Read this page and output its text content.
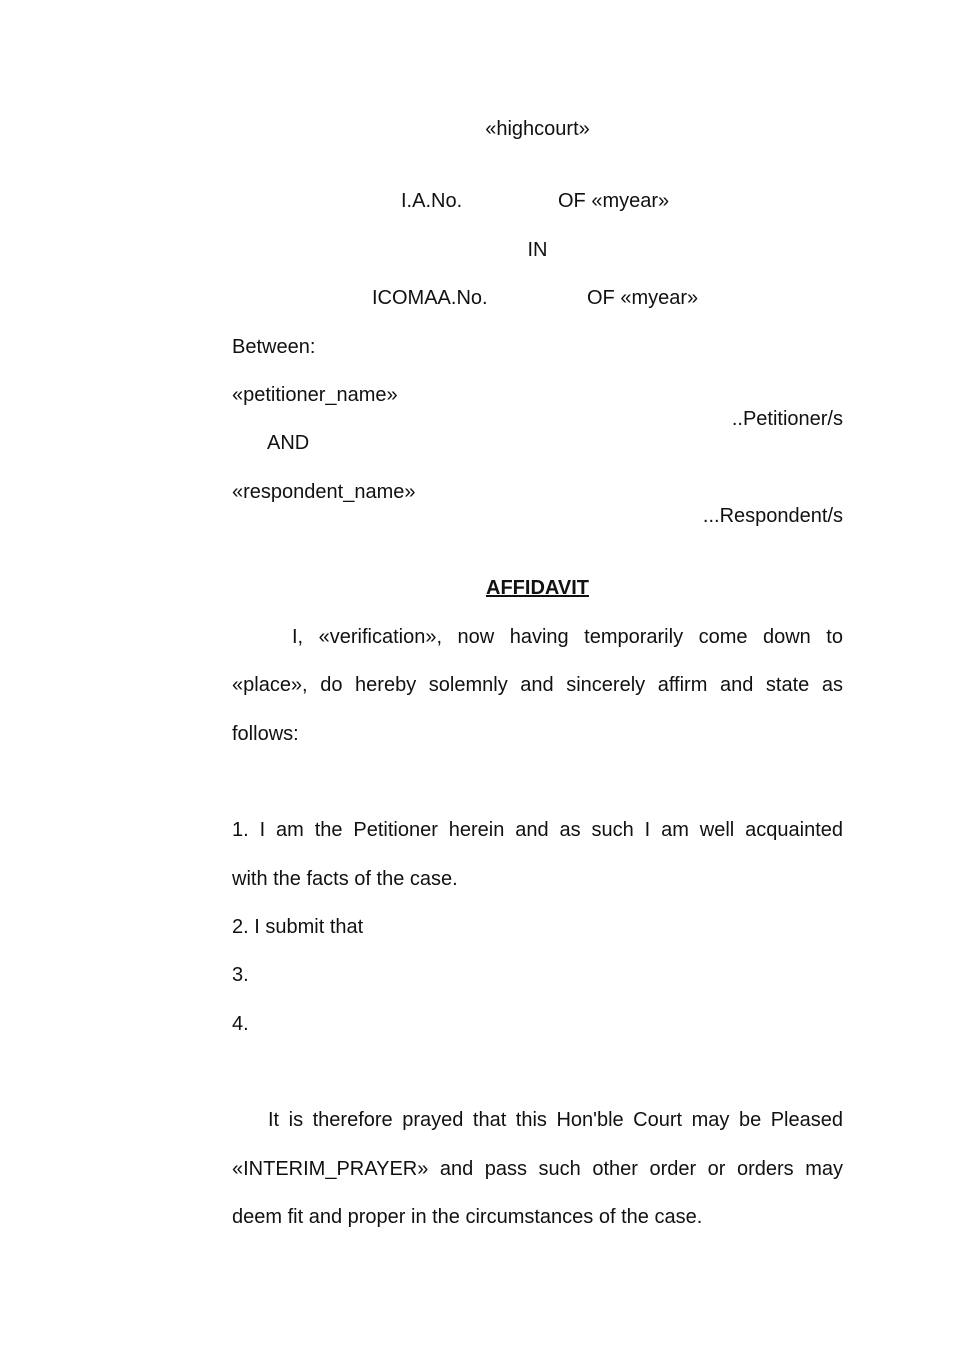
«highcourt»
I.A.No.	OF «myear»
IN
ICOMAA.No.	OF «myear»
Between:
«petitioner_name»
..Petitioner/s
AND
«respondent_name»
...Respondent/s
AFFIDAVIT
I, «verification», now having temporarily come down to
«place», do hereby solemnly and sincerely affirm and state as
follows:
1. I am the Petitioner herein and as such I am well acquainted
with the facts of the case.
2. I submit that
3.
4.
It is therefore prayed that this Hon'ble Court may be Pleased
«INTERIM_PRAYER» and pass such other order or orders may
deem fit and proper in the circumstances of the case.
